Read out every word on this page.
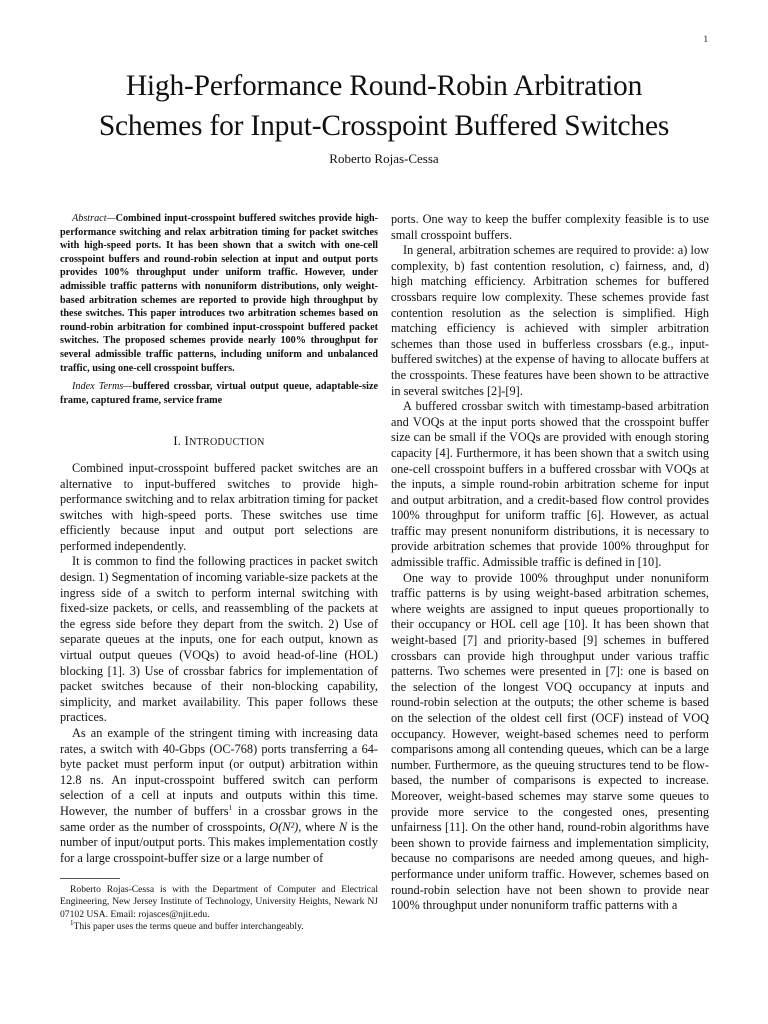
1
High-Performance Round-Robin Arbitration
Schemes for Input-Crosspoint Buffered Switches
Roberto Rojas-Cessa

Abstract—Combined input-crosspoint buffered switches provide high-performance switching and relax arbitration timing for packet switches with high-speed ports. It has been shown that a switch with one-cell crosspoint buffers and round-robin selection at input and output ports provides 100% throughput under uniform traffic. However, under admissible traffic patterns with nonuniform distributions, only weight-based arbitration schemes are reported to provide high throughput by these switches. This paper introduces two arbitration schemes based on round-robin arbitration for combined input-crosspoint buffered packet switches. The proposed schemes provide nearly 100% throughput for several admissible traffic patterns, including uniform and unbalanced traffic, using one-cell crosspoint buffers.

Index Terms—buffered crossbar, virtual output queue, adaptable-size frame, captured frame, service frame

I. INTRODUCTION

Combined input-crosspoint buffered packet switches are an alternative to input-buffered switches to provide high-performance switching and to relax arbitration timing for packet switches with high-speed ports. These switches use time efficiently because input and output port selections are performed independently.

It is common to find the following practices in packet switch design. 1) Segmentation of incoming variable-size packets at the ingress side of a switch to perform internal switching with fixed-size packets, or cells, and reassembling of the packets at the egress side before they depart from the switch. 2) Use of separate queues at the inputs, one for each output, known as virtual output queues (VOQs) to avoid head-of-line (HOL) blocking [1]. 3) Use of crossbar fabrics for implementation of packet switches because of their non-blocking capability, simplicity, and market availability. This paper follows these practices.

As an example of the stringent timing with increasing data rates, a switch with 40-Gbps (OC-768) ports transferring a 64-byte packet must perform input (or output) arbitration within 12.8 ns. An input-crosspoint buffered switch can perform selection of a cell at inputs and outputs within this time. However, the number of buffers$^1$ in a crossbar grows in the same order as the number of crosspoints, O(N²), where N is the number of input/output ports. This makes implementation costly for a large crosspoint-buffer size or a large number of

Roberto Rojas-Cessa is with the Department of Computer and Electrical Engineering, New Jersey Institute of Technology, University Heights, Newark NJ 07102 USA. Email: rojasces@njit.edu.

$^1$This paper uses the terms queue and buffer interchangeably.

ports. One way to keep the buffer complexity feasible is to use small crosspoint buffers.

In general, arbitration schemes are required to provide: a) low complexity, b) fast contention resolution, c) fairness, and, d) high matching efficiency. Arbitration schemes for buffered crossbars require low complexity. These schemes provide fast contention resolution as the selection is simplified. High matching efficiency is achieved with simpler arbitration schemes than those used in bufferless crossbars (e.g., input-buffered switches) at the expense of having to allocate buffers at the crosspoints. These features have been shown to be attractive in several switches [2]-[9].

A buffered crossbar switch with timestamp-based arbitration and VOQs at the input ports showed that the crosspoint buffer size can be small if the VOQs are provided with enough storing capacity [4]. Furthermore, it has been shown that a switch using one-cell crosspoint buffers in a buffered crossbar with VOQs at the inputs, a simple round-robin arbitration scheme for input and output arbitration, and a credit-based flow control provides 100% throughput for uniform traffic [6]. However, as actual traffic may present nonuniform distributions, it is necessary to provide arbitration schemes that provide 100% throughput for admissible traffic. Admissible traffic is defined in [10].

One way to provide 100% throughput under nonuniform traffic patterns is by using weight-based arbitration schemes, where weights are assigned to input queues proportionally to their occupancy or HOL cell age [10]. It has been shown that weight-based [7] and priority-based [9] schemes in buffered crossbars can provide high throughput under various traffic patterns. Two schemes were presented in [7]: one is based on the selection of the longest VOQ occupancy at inputs and round-robin selection at the outputs; the other scheme is based on the selection of the oldest cell first (OCF) instead of VOQ occupancy. However, weight-based schemes need to perform comparisons among all contending queues, which can be a large number. Furthermore, as the queuing structures tend to be flow-based, the number of comparisons is expected to increase. Moreover, weight-based schemes may starve some queues to provide more service to the congested ones, presenting unfairness [11]. On the other hand, round-robin algorithms have been shown to provide fairness and implementation simplicity, because no comparisons are needed among queues, and high-performance under uniform traffic. However, schemes based on round-robin selection have not been shown to provide near 100% throughput under nonuniform traffic patterns with a
